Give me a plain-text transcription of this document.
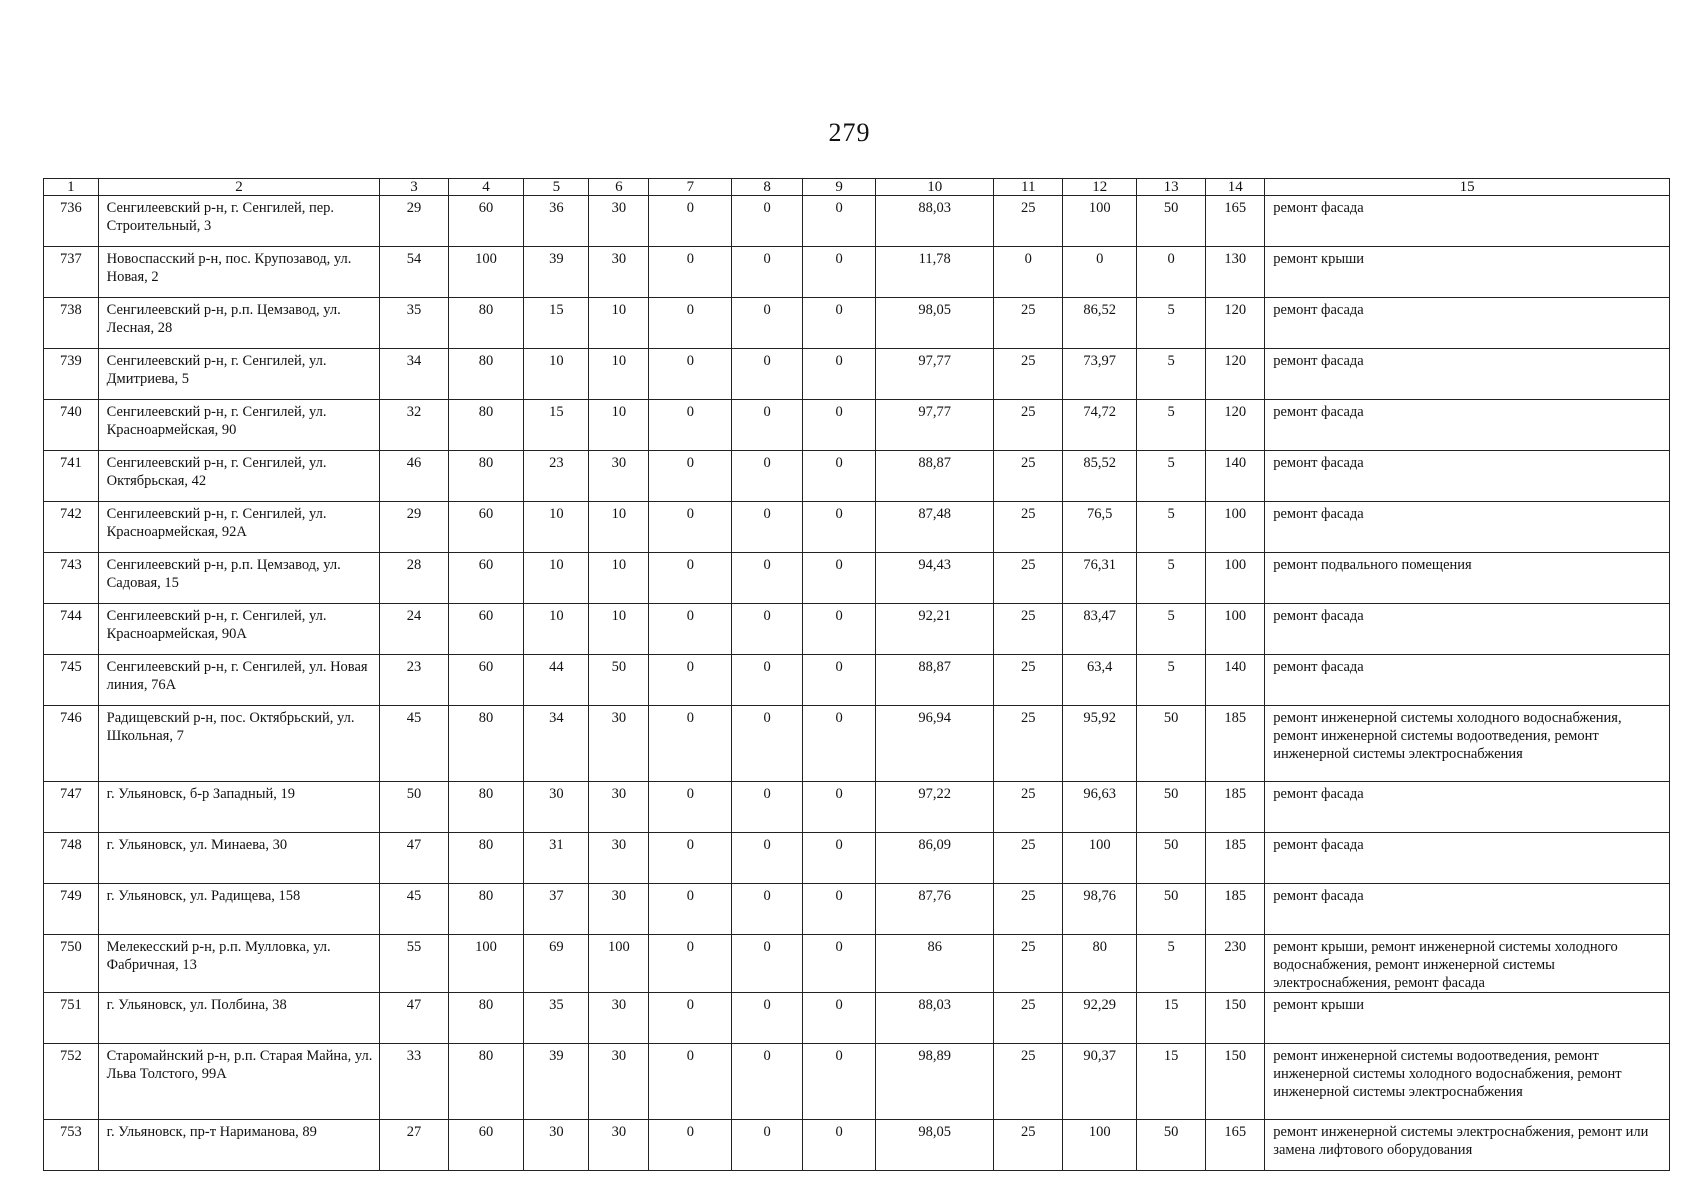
279
1	2	3	4	5	6	7	8	9	10	11	12	13	14	15
736	Сенгилеевский р-н, г. Сенгилей, пер. Строительный, 3	29	60	36	30	0	0	0	88,03	25	100	50	165	ремонт фасада
737	Новоспасский р-н, пос. Крупозавод, ул. Новая, 2	54	100	39	30	0	0	0	11,78	0	0	0	130	ремонт крыши
738	Сенгилеевский р-н, р.п. Цемзавод, ул. Лесная, 28	35	80	15	10	0	0	0	98,05	25	86,52	5	120	ремонт фасада
739	Сенгилеевский р-н, г. Сенгилей, ул. Дмитриева, 5	34	80	10	10	0	0	0	97,77	25	73,97	5	120	ремонт фасада
740	Сенгилеевский р-н, г. Сенгилей, ул. Красноармейская, 90	32	80	15	10	0	0	0	97,77	25	74,72	5	120	ремонт фасада
741	Сенгилеевский р-н, г. Сенгилей, ул. Октябрьская, 42	46	80	23	30	0	0	0	88,87	25	85,52	5	140	ремонт фасада
742	Сенгилеевский р-н, г. Сенгилей, ул. Красноармейская, 92А	29	60	10	10	0	0	0	87,48	25	76,5	5	100	ремонт фасада
743	Сенгилеевский р-н, р.п. Цемзавод, ул. Садовая, 15	28	60	10	10	0	0	0	94,43	25	76,31	5	100	ремонт подвального помещения
744	Сенгилеевский р-н, г. Сенгилей, ул. Красноармейская, 90А	24	60	10	10	0	0	0	92,21	25	83,47	5	100	ремонт фасада
745	Сенгилеевский р-н, г. Сенгилей, ул. Новая линия, 76А	23	60	44	50	0	0	0	88,87	25	63,4	5	140	ремонт фасада
746	Радищевский р-н, пос. Октябрьский, ул. Школьная, 7	45	80	34	30	0	0	0	96,94	25	95,92	50	185	ремонт инженерной системы холодного водоснабжения, ремонт инженерной системы водоотведения, ремонт инженерной системы электроснабжения
747	г. Ульяновск, б-р Западный, 19	50	80	30	30	0	0	0	97,22	25	96,63	50	185	ремонт фасада
748	г. Ульяновск, ул. Минаева, 30	47	80	31	30	0	0	0	86,09	25	100	50	185	ремонт фасада
749	г. Ульяновск, ул. Радищева, 158	45	80	37	30	0	0	0	87,76	25	98,76	50	185	ремонт фасада
750	Мелекесский р-н, р.п. Мулловка, ул. Фабричная, 13	55	100	69	100	0	0	0	86	25	80	5	230	ремонт крыши, ремонт инженерной системы холодного водоснабжения, ремонт инженерной системы электроснабжения, ремонт фасада
751	г. Ульяновск, ул. Полбина, 38	47	80	35	30	0	0	0	88,03	25	92,29	15	150	ремонт крыши
752	Старомайнский р-н, р.п. Старая Майна, ул. Льва Толстого, 99А	33	80	39	30	0	0	0	98,89	25	90,37	15	150	ремонт инженерной системы водоотведения, ремонт инженерной системы холодного водоснабжения, ремонт инженерной системы электроснабжения
753	г. Ульяновск, пр-т Нариманова, 89	27	60	30	30	0	0	0	98,05	25	100	50	165	ремонт инженерной системы электроснабжения, ремонт или замена лифтового оборудования
